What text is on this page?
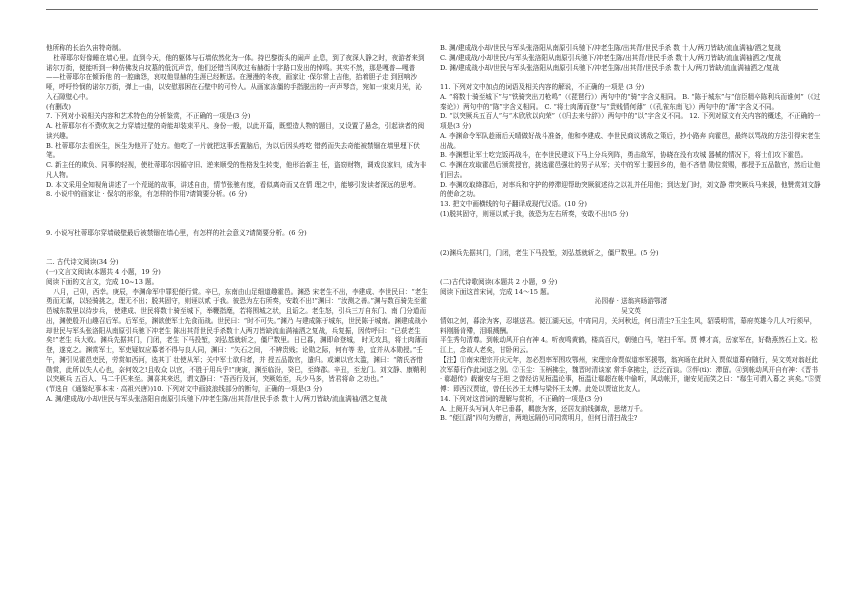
他所称的长治久宙特奇制。
杜蒂耶尔好像睡在墙心里。直到今天，他的躯体与石墙依然化为一体。持巴黎街头的闹声 止息，到了夜深人静之时，夜游者来到诺尔万街，便能听到一种仿佛发自坟墓的低沉声音，他们还错当风吹过布赫街十字路口发出的悼鸣。其实不然，那是嘎普—嘎普——杜蒂耶尔在倾诉他 的一腔幽怨，哀叹他显赫的生涯已经断送。在漫漫的冬夜，画家让 ·保尔常上吉他，抬着胆子走 到回响沙哑，呼吁怜悯的诺尔万街，弹上一曲，以安慰那困在石壁中的可怜人。从画家冻僵的手指脱出的一声声琴音，宛如一束束月光，沁入石隙壁心中。
(有删改)
7. 下列对小说相关内容和艺术特色的分析鉴赏，不正确的一项是(3 分)
A. 杜蒂耶尔有不费吹灰之力穿墙过壁的奇能却装束平凡、身份一般，以此开篇，既塑造人物的题目，又设置了悬念，引起读者的阅读兴趣。
B. 杜蒂耶尔去看医生，医生为他开了处方。他吃了一片就把这事丢置脑后，为以后因头疼吃 错药而失去奇能被禁锢在墙里埋下伏笔。
C. 新主任的欺负、同事的轻视，使杜蒂耶尔因循守旧、逆来顺受的性格发生转变，他形治新主 任，盗窃财物，调戏良家妇，成为非凡人物。
D. 本文采用全知视角讲述了一个荒诞的故事，讲述自由，情节张驰有度，看似离奇而又在情 理之中，能够引发读者深远的思考。
8. 小说中的画家让 · 保尔的形象，有怎样的作用?请简要分析。(6 分)
9. 小说写杜蒂耶尔穿墙破壁最后被禁锢在墙心里，有怎样的社会意义?请简要分析。(6 分)
二. 古代诗文阅读(34 分)
(一)文言文阅读(本题共 4 小题，19 分)
阅读下面的文言文，完成 10~13 题。
八月，己卯，西幸。庚辰，李渊命军中罪犯便行赏。辛巳，东南由山足细道趣霍邑。渊恐 宋老生不出，李建成、李世民曰：“老生勇而无谋，以轻骑挑之，理无不出；脱其固守，则诬以贰 于我。彼恐为左右所奏，安敢不出!”渊曰：“汝测之善。”渊与数百骑先至霍邑城东数里以待步兵， 使建成、世民将数十骑至城下，举鞭指麾，若将围城之状，且诟之。老生怒，引兵三万自东门、南 门分道而出，渊使殷开山趣召后军。后军至，渊欲使军士先食而战。世民曰：“时不可失。”渊乃 与建成陈于城东，世民陈于城南。渊建成战小却世民与军头张洛阳从南原引兵驰下冲老生 陈出其背世民手杀数十人两刀皆缺流血满袖洒之复战，兵复振，因传呼曰：“已获老生矣!”老生 兵大败。渊兵先据其门，门闭，老生 下马投堑，刘弘基就斩之，僵尸数里。日已暮，渊即命登城， 时无攻具，将士肉薄而登，遂克之。渊赏军士，军吏疑奴应募者不得与良人同，渊曰：“矢石之间， 不辨贵贱；论勋之际，何有等 差，宜并从本勋授。”壬午，渊引见霍邑吏民，劳赏如西河，选其丁 壮使从军；关中军士欲归者，并 授五品散官，遣归。或谏以官太滥，渊曰：“隋氏吝惜勋赏，此所以失人心也，奈何效之!且收众 以官，不胜于用兵乎!”庚寅，渊至临汾，癸巳，至绛郡。辛丑，至龙门。刘文静、康鞘利以突厥兵 五百人、马二千匹来至。渊喜其来迟，谓文静曰：“吾西行及河，突厥始至，兵少马多，皆君将命 之功也。”
(节选自《通鉴纪事本末 · 高祖兴唐》)10. 下列对文中画波浪线部分的断句，正确的一项是(3 分)
A. 渊/建成战/小却/世民与军头张洛阳自南原引兵驰下/冲老生陈/出其背/世民手杀 数十人/两刀皆缺/流血满袖/洒之复战
B. 渊/建成战小却/世民与军头张洛阳从南原引兵驰下/冲老生陈/出其背/世民手杀 数 十人/两刀皆缺/流血满袖/洒之复战
C. 渊/建成战/小却世民/与军头张洛阳从南原引兵驰下/冲老生陈/出其背/世民手杀 数十人/两刀皆缺/流血满袖洒之/复战
D. 渊/建成战小却/世民与军头张洛阳从南原引兵驰下/冲老生陈/出其背/世民手杀 数十人/两刀皆缺/流血满袖洒之/复战
11. 下列对文中加点的词语及相关内容的解说，不正确的一项是 (3 分)
A. “将数十骑至城下”与“铁骑突出刀枪鸣”（《琵琶行》）两句中的“骑”字含义相同。 B. “陈于城东”与“信臣精卒陈利兵而谁何”（《过秦论》）两句中的“陈”字含义相同。 C. “将士肉薄而登”与“贵贱情何薄”（《孔雀东南飞》）两句中的“薄”字含义不同。
D. “以突厥兵五百人”与“木欣欣以向荣”（《归去来兮辞》）两句中的“以”字含义不同。 12. 下列对原文有关内容的概述，不正确的一项是(3 分)
A. 李渊命令军队趁雨后天晴做好战斗准备，他和李建成、李世民商议诱敌之策后，抄小路奔 向霍邑，最终以骂战的方法引得宋老生出战。
B. 李渊想让军士吃完饭再战斗，在李世民建议下马上分兵列阵，勇击敌军，协晓在没有攻城 器械的情况下，将士们攻下霍邑。
C. 李渊在攻取霍邑后颁赏授官，挑选霍邑强壮的男子从军；关中的军士要回乡的，他不吝惜 勋位赏赐，都授予五品散官，然后让他们回去。
D. 李渊攻取绛郡后，对率兵和守护的停滞迎帮助突厥叙述待之以礼并任用他；到达龙门时，刘文静 带突厥兵马来援，他赞赏刘文静的使命之功。
13. 把文中画横线的句子翻译成现代汉语。(10 分)
(1)脱其固守，则诬以贰于我，彼恐为左右所奏，安敢不出!(5 分)
(2)渊兵先据其门，门闭，老生下马投堑，刘弘基就斩之，僵尸数里。(5 分)
(二)古代诗歌阅读(本题共 2 小题，9 分)
阅读下面这首宋词，完成 14～15 题。
沁园春 · 送翁宾旸游鄂渚
吴文英
情如之何，暮涂为客，忍堪送君。便江湖天远，中宵同月，关河秋近，何日清尘?玉尘生风，貂裘明雪，幕府英雄今几人?行须早，料刚肠肯殢，泪眼溅酬。
平生秀句清尊。到帐动风开自有神 4。听夜鸣黄鹤，楼高百尺，朝驰白马，笔扫千军。贾 傅才高，岳家军在，好勒燕然石上文。松江上，念故人老矣，甘卧闲云。
【注】①南宋理宗开庆元年，忽必烈率军围攻鄂州，宋理宗命贾似道率军援鄂，翁宾旸在此时入 贾似道幕府随行，吴文英对翁赶此次军幕行作此词送之别。②玉尘：玉柄拂尘，魏晋时清谈家 常手拿拂尘，泛泛而谈。③怦(tì)：滞留。④到帐动风开自有神：《晋书 · 郗超传》载谢安与王坦 之曾经访见桓温论事，桓温让郗超在帐中偷听，风动帐开，谢安见而笑之曰：“郗生可谓入幕之 宾矣。”⑤贾傅：即西汉贾谊，曾任长沙王太傅与梁怀王太傅。此处以贾谊比友人。
14. 下列对这首词的理解与赏析，不正确的一项是(3 分)
A. 上阕开头写词人年已垂暮，羁旅为客，还居友前线御敌，思绪万千。
B. “便江湖”四句为赠言，两地远隔仍可同赏明月，但何日清扫战尘?
